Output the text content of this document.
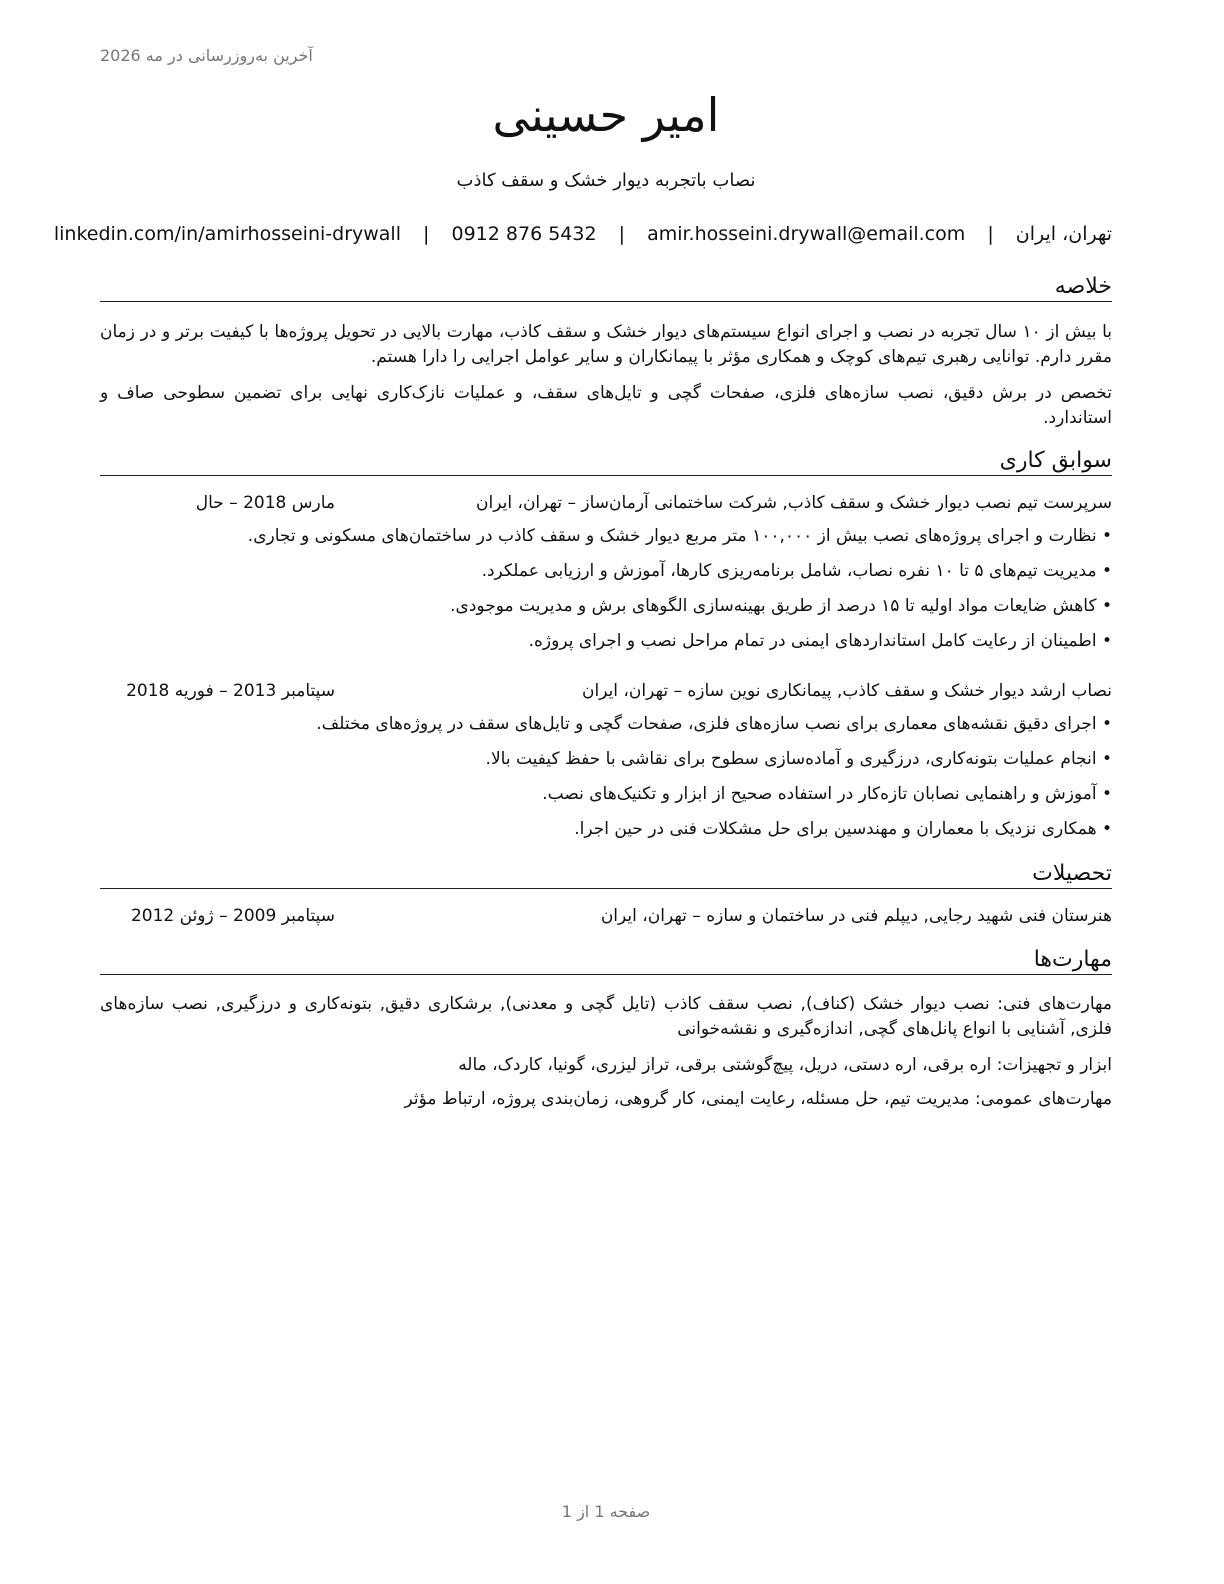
آخرین به‌روزرسانی در مه 2026
امیر حسینی
نصاب باتجربه دیوار خشک و سقف کاذب
تهران، ایران | amir.hosseini.drywall@email.com | 0912 876 5432 | linkedin.com/in/amirhosseini-drywall
خلاصه
با بیش از ۱۰ سال تجربه در نصب و اجرای انواع سیستم‌های دیوار خشک و سقف کاذب، مهارت بالایی در تحویل پروژه‌ها با کیفیت برتر و در زمان مقرر دارم. توانایی رهبری تیم‌های کوچک و همکاری مؤثر با پیمانکاران و سایر عوامل اجرایی را دارا هستم.
تخصص در برش دقیق، نصب سازه‌های فلزی، صفحات گچی و تایل‌های سقف، و عملیات نازک‌کاری نهایی برای تضمین سطوحی صاف و استاندارد.
سوابق کاری
سرپرست تیم نصب دیوار خشک و سقف کاذب, شرکت ساختمانی آرمان‌ساز – تهران، ایران
مارس 2018 – حال
• نظارت و اجرای پروژه‌های نصب بیش از ۱۰۰,۰۰۰ متر مربع دیوار خشک و سقف کاذب در ساختمان‌های مسکونی و تجاری.
• مدیریت تیم‌های ۵ تا ۱۰ نفره نصاب، شامل برنامه‌ریزی کارها، آموزش و ارزیابی عملکرد.
• کاهش ضایعات مواد اولیه تا ۱۵ درصد از طریق بهینه‌سازی الگوهای برش و مدیریت موجودی.
• اطمینان از رعایت کامل استانداردهای ایمنی در تمام مراحل نصب و اجرای پروژه.
نصاب ارشد دیوار خشک و سقف کاذب, پیمانکاری نوین سازه – تهران، ایران
سپتامبر 2013 – فوریه 2018
• اجرای دقیق نقشه‌های معماری برای نصب سازه‌های فلزی، صفحات گچی و تایل‌های سقف در پروژه‌های مختلف.
• انجام عملیات بتونه‌کاری، درزگیری و آماده‌سازی سطوح برای نقاشی با حفظ کیفیت بالا.
• آموزش و راهنمایی نصابان تازه‌کار در استفاده صحیح از ابزار و تکنیک‌های نصب.
• همکاری نزدیک با معماران و مهندسین برای حل مشکلات فنی در حین اجرا.
تحصیلات
هنرستان فنی شهید رجایی, دیپلم فنی در ساختمان و سازه – تهران، ایران
سپتامبر 2009 – ژوئن 2012
مهارت‌ها
مهارت‌های فنی: نصب دیوار خشک (کناف), نصب سقف کاذب (تایل گچی و معدنی), برشکاری دقیق, بتونه‌کاری و درزگیری, نصب سازه‌های فلزی, آشنایی با انواع پانل‌های گچی, اندازه‌گیری و نقشه‌خوانی
ابزار و تجهیزات: اره برقی، اره دستی، دریل، پیچ‌گوشتی برقی، تراز لیزری، گونیا، کاردک، ماله
مهارت‌های عمومی: مدیریت تیم، حل مسئله، رعایت ایمنی، کار گروهی، زمان‌بندی پروژه، ارتباط مؤثر
صفحه 1 از 1
